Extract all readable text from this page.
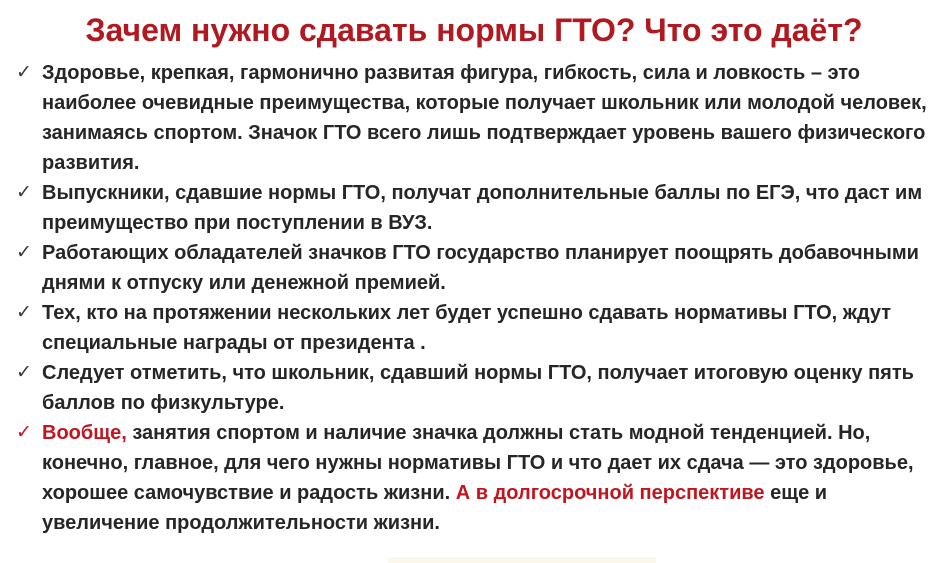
Зачем нужно сдавать нормы ГТО? Что это даёт?
✓ Здоровье, крепкая, гармонично развитая фигура, гибкость, сила и ловкость – это наиболее очевидные преимущества, которые получает школьник или молодой человек, занимаясь спортом. Значок ГТО всего лишь подтверждает уровень вашего физического развития.
✓ Выпускники, сдавшие нормы ГТО, получат дополнительные баллы по ЕГЭ, что даст им преимущество при поступлении в ВУЗ.
✓ Работающих обладателей значков ГТО государство планирует поощрять добавочными днями к отпуску или денежной премией.
✓ Тех, кто на протяжении нескольких лет будет успешно сдавать нормативы ГТО, ждут специальные награды от президента .
✓ Следует отметить, что школьник, сдавший нормы ГТО, получает итоговую оценку пять баллов по физкультуре.
✓ Вообще, занятия спортом и наличие значка должны стать модной тенденцией. Но, конечно, главное, для чего нужны нормативы ГТО и что дает их сдача — это здоровье, хорошее самочувствие и радость жизни. А в долгосрочной перспективе еще и увеличение продолжительности жизни.
